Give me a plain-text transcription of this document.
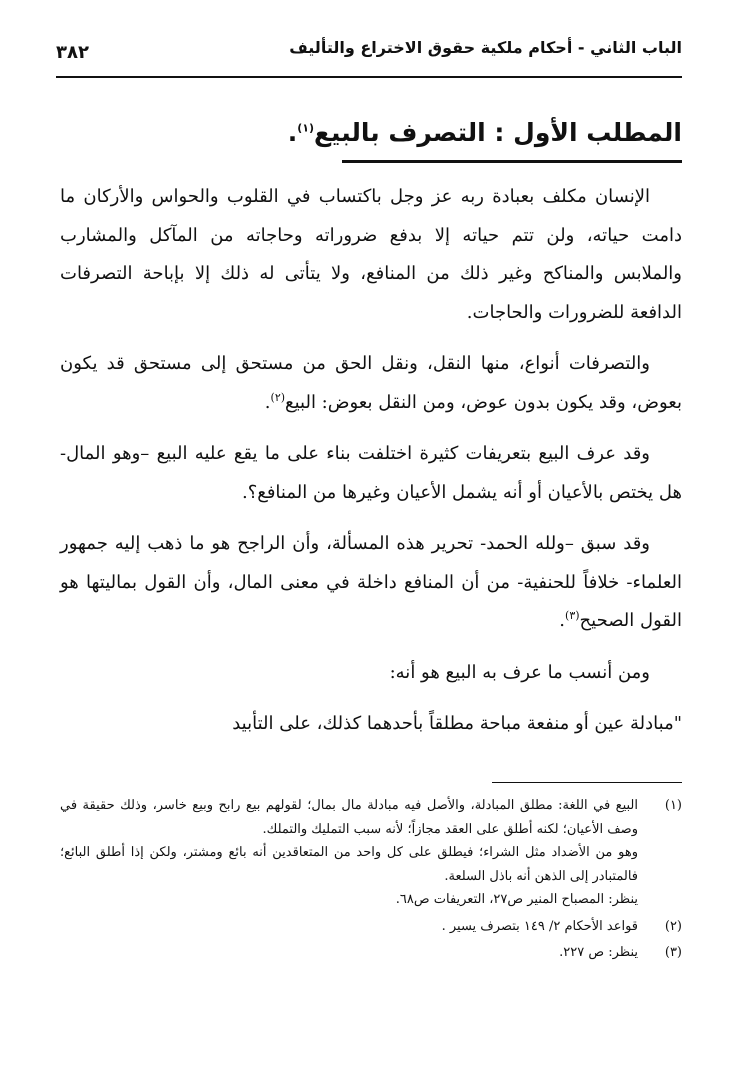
الباب الثاني - أحكام ملكية حقوق الاختراع والتأليف
٣٨٢
المطلب الأول : التصرف بالبيع$^{(١)}$.

الإنسان مكلف بعبادة ربه عز وجل باكتساب في القلوب والحواس والأركان ما دامت حياته، ولن تتم حياته إلا بدفع ضروراته وحاجاته من المآكل والمشارب والملابس والمناكح وغير ذلك من المنافع، ولا يتأتى له ذلك إلا بإباحة التصرفات الدافعة للضرورات والحاجات.

والتصرفات أنواع، منها النقل، ونقل الحق من مستحق إلى مستحق قد يكون بعوض، وقد يكون بدون عوض، ومن النقل بعوض: البيع$^{(٢)}$.

وقد عرف البيع بتعريفات كثيرة اختلفت بناء على ما يقع عليه البيع –وهو المال- هل يختص بالأعيان أو أنه يشمل الأعيان وغيرها من المنافع؟.

وقد سبق –ولله الحمد- تحرير هذه المسألة، وأن الراجح هو ما ذهب إليه جمهور العلماء- خلافاً للحنفية- من أن المنافع داخلة في معنى المال، وأن القول بماليتها هو القول الصحيح$^{(٣)}$.

ومن أنسب ما عرف به البيع هو أنه:

"مبادلة عين أو منفعة مباحة مطلقاً بأحدهما كذلك، على التأبيد

(١)
البيع في اللغة: مطلق المبادلة، والأصل فيه مبادلة مال بمال؛ لقولهم بيع رابح وبيع خاسر، وذلك حقيقة في وصف الأعيان؛ لكنه أطلق على العقد مجازاً؛ لأنه سبب التمليك والتملك.
وهو من الأضداد مثل الشراء؛ فيطلق على كل واحد من المتعاقدين أنه بائع ومشتر، ولكن إذا أطلق البائع؛ فالمتبادر إلى الذهن أنه باذل السلعة.
ينظر: المصباح المنير ص٢٧، التعريفات ص٦٨.
(٢)
قواعد الأحكام ٢/ ١٤٩ بتصرف يسير .
(٣)
ينظر: ص ٢٢٧.
